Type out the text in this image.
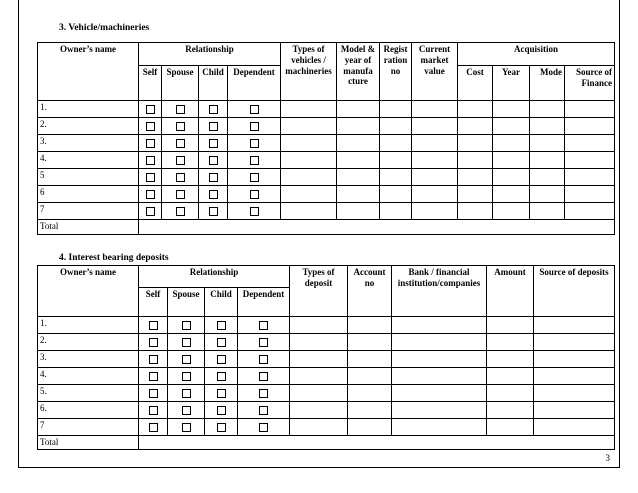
3. Vehicle/machineries
Owner’s name	Relationship				Types of vehicles / machineries	Model & year of manufa cture	Regist ration no	Current market value	Acquisition			
	Self	Spouse	Child	Dependent					Cost	Year	Mode	Source of Finance
1.												
2.												
3.												
4.												
5												
6												
7												
Total												
4. Interest bearing deposits
Owner’s name	Relationship				Types of deposit	Account no	Bank / financial institution/companies	Amount	Source of deposits
	Self	Spouse	Child	Dependent					
1.									
2.									
3.									
4.									
5.									
6.									
7									
Total									
3
